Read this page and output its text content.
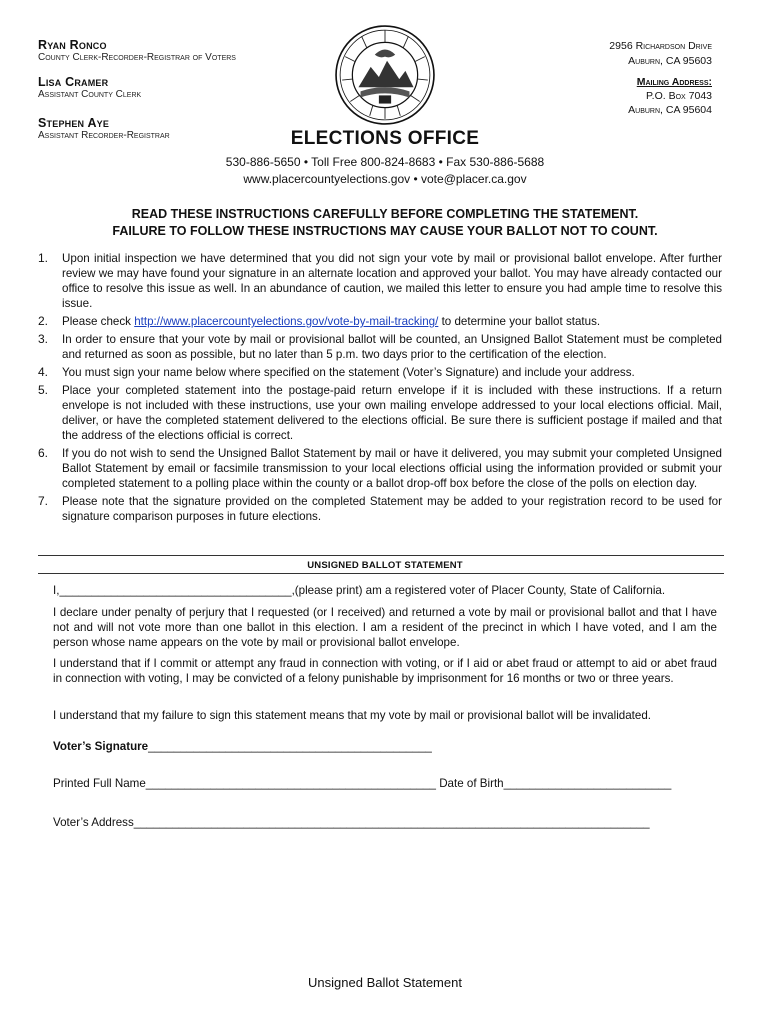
Ryan Ronco
County Clerk-Recorder-Registrar of Voters
Lisa Cramer
Assistant County Clerk
Stephen Aye
Assistant Recorder-Registrar
2956 Richardson Drive
Auburn, CA 95603
Mailing Address:
P.O. Box 7043
Auburn, CA 95604
ELECTIONS OFFICE
530-886-5650 • Toll Free 800-824-8683 • Fax 530-886-5688
www.placercountyelections.gov • vote@placer.ca.gov
READ THESE INSTRUCTIONS CAREFULLY BEFORE COMPLETING THE STATEMENT.
FAILURE TO FOLLOW THESE INSTRUCTIONS MAY CAUSE YOUR BALLOT NOT TO COUNT.
1. Upon initial inspection we have determined that you did not sign your vote by mail or provisional ballot envelope. After further review we may have found your signature in an alternate location and approved your ballot. You may have already contacted our office to resolve this issue as well. In an abundance of caution, we mailed this letter to ensure you had ample time to resolve this issue.
2. Please check http://www.placercountyelections.gov/vote-by-mail-tracking/ to determine your ballot status.
3. In order to ensure that your vote by mail or provisional ballot will be counted, an Unsigned Ballot Statement must be completed and returned as soon as possible, but no later than 5 p.m. two days prior to the certification of the election.
4. You must sign your name below where specified on the statement (Voter’s Signature) and include your address.
5. Place your completed statement into the postage-paid return envelope if it is included with these instructions. If a return envelope is not included with these instructions, use your own mailing envelope addressed to your local elections official. Mail, deliver, or have the completed statement delivered to the elections official. Be sure there is sufficient postage if mailed and that the address of the elections official is correct.
6. If you do not wish to send the Unsigned Ballot Statement by mail or have it delivered, you may submit your completed Unsigned Ballot Statement by email or facsimile transmission to your local elections official using the information provided or submit your completed statement to a polling place within the county or a ballot drop-off box before the close of the polls on election day.
7. Please note that the signature provided on the completed Statement may be added to your registration record to be used for signature comparison purposes in future elections.
UNSIGNED BALLOT STATEMENT
I,____________________________________,(please print) am a registered voter of Placer County, State of California.
I declare under penalty of perjury that I requested (or I received) and returned a vote by mail or provisional ballot and that I have not and will not vote more than one ballot in this election. I am a resident of the precinct in which I have voted, and I am the person whose name appears on the vote by mail or provisional ballot envelope.
I understand that if I commit or attempt any fraud in connection with voting, or if I aid or abet fraud or attempt to aid or abet fraud in connection with voting, I may be convicted of a felony punishable by imprisonment for 16 months or two or three years.
I understand that my failure to sign this statement means that my vote by mail or provisional ballot will be invalidated.
Voter’s Signature____________________________________________
Printed Full Name_____________________________________________ Date of Birth__________________________
Voter’s Address________________________________________________________________________________
Unsigned Ballot Statement
